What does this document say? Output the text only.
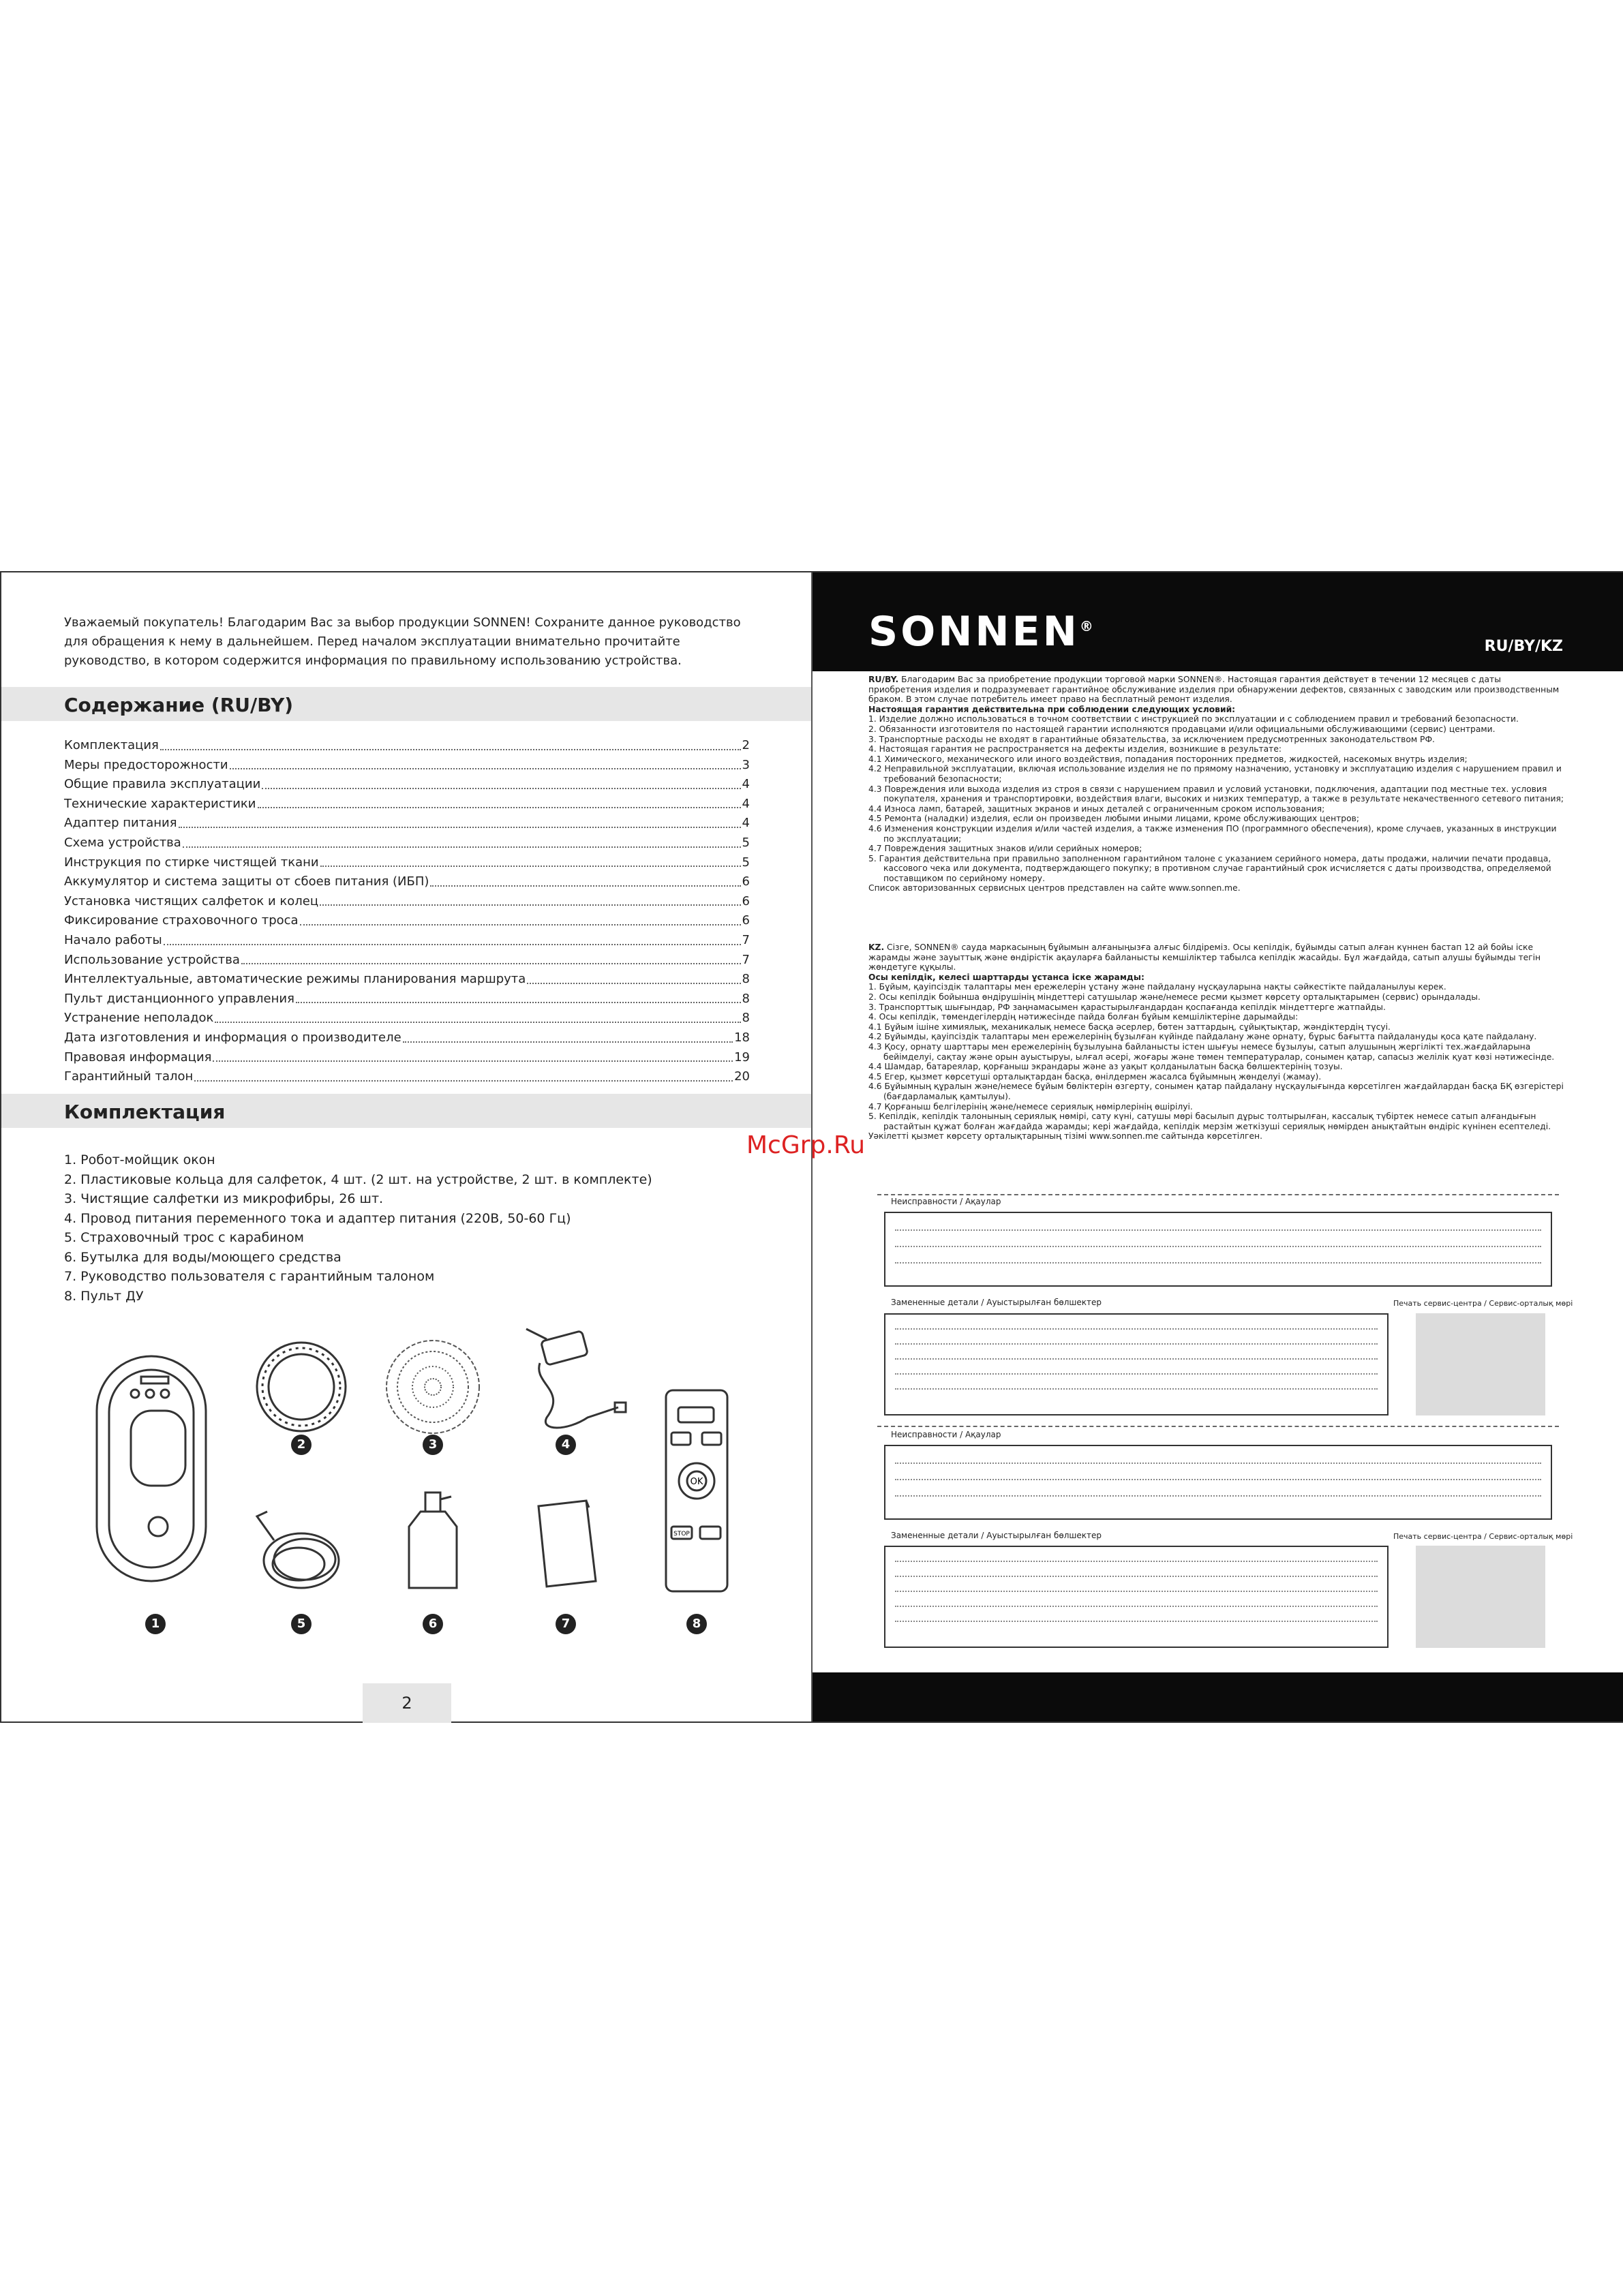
Уважаемый покупатель! Благодарим Вас за выбор продукции SONNEN! Сохраните данное руководство для обращения к нему в дальнейшем. Перед началом эксплуатации внимательно прочитайте руководство, в котором содержится информация по правильному использованию устройства.
Содержание (RU/BY)
Комплектация	2
Меры предосторожности	3
Общие правила эксплуатации	4
Технические характеристики	4
Адаптер питания	4
Схема устройства	5
Инструкция по стирке чистящей ткани	5
Аккумулятор и система защиты от сбоев питания (ИБП)	6
Установка чистящих салфеток и колец	6
Фиксирование страховочного троса	6
Начало работы	7
Использование устройства	7
Интеллектуальные, автоматические режимы планирования маршрута	8
Пульт дистанционного управления	8
Устранение неполадок	8
Дата изготовления и информация о производителе	18
Правовая информация	19
Гарантийный талон	20
Комплектация
1. Робот-мойщик окон
2. Пластиковые кольца для салфеток, 4 шт. (2 шт. на устройстве, 2 шт. в комплекте)
3. Чистящие салфетки из микрофибры, 26 шт.
4. Провод питания переменного тока и адаптер питания (220В, 50-60 Гц)
5. Страховочный трос с карабином
6. Бутылка для воды/моющего средства
7. Руководство пользователя с гарантийным талоном
8. Пульт ДУ
OK
STOP
1
2	3	4
5	6	7	8
2
SONNEN®
RU/BY/KZ

RU/BY. Благодарим Вас за приобретение продукции торговой марки SONNEN®. Настоящая гарантия действует в течении 12 месяцев с даты приобретения изделия и подразумевает гарантийное обслуживание изделия при обнаружении дефектов, связанных с заводским или производственным браком. В этом случае потребитель имеет право на бесплатный ремонт изделия.

Настоящая гарантия действительна при соблюдении следующих условий:

1. Изделие должно использоваться в точном соответствии с инструкцией по эксплуатации и с соблюдением правил и требований безопасности.

2. Обязанности изготовителя по настоящей гарантии исполняются продавцами и/или официальными обслуживающими (сервис) центрами.

3. Транспортные расходы не входят в гарантийные обязательства, за исключением предусмотренных законодательством РФ.

4. Настоящая гарантия не распространяется на дефекты изделия, возникшие в результате:

4.1 Химического, механического или иного воздействия, попадания посторонних предметов, жидкостей, насекомых внутрь изделия;

4.2 Неправильной эксплуатации, включая использование изделия не по прямому назначению, установку и эксплуатацию изделия с нарушением правил и требований безопасности;

4.3 Повреждения или выхода изделия из строя в связи с нарушением правил и условий установки, подключения, адаптации под местные тех. условия покупателя, хранения и транспортировки, воздействия влаги, высоких и низких температур, а также в результате некачественного сетевого питания;

4.4 Износа ламп, батарей, защитных экранов и иных деталей с ограниченным сроком использования;

4.5 Ремонта (наладки) изделия, если он произведен любыми иными лицами, кроме обслуживающих центров;

4.6 Изменения конструкции изделия и/или частей изделия, а также изменения ПО (программного обеспечения), кроме случаев, указанных в инструкции по эксплуатации;

4.7 Повреждения защитных знаков и/или серийных номеров;

5. Гарантия действительна при правильно заполненном гарантийном талоне с указанием серийного номера, даты продажи, наличии печати продавца, кассового чека или документа, подтверждающего покупку; в противном случае гарантийный срок исчисляется с даты производства, определяемой поставщиком по серийному номеру.

Список авторизованных сервисных центров представлен на сайте www.sonnen.me.

KZ. Сізге, SONNEN® сауда маркасының бұйымын алғаныңызға алғыс білдіреміз. Осы кепілдік, бұйымды сатып алған күннен бастап 12 ай бойы іске жарамды және зауыттық және өндірістік ақауларға байланысты кемшіліктер табылса кепілдік жасайды. Бұл жағдайда, сатып алушы бұйымды тегін жөндетуге құқылы.

Осы кепілдік, келесі шарттарды ұстанса іске жарамды:

1. Бұйым, қауіпсіздік талаптары мен ережелерін ұстану және пайдалану нұсқауларына нақты сәйкестікте пайдаланылуы керек.

2. Осы кепілдік бойынша өндірушінің міндеттері сатушылар және/немесе ресми қызмет көрсету орталықтарымен (сервис) орындалады.

3. Транспорттық шығындар, РФ заңнамасымен қарастырылғандардан қоспағанда кепілдік міндеттерге жатпайды.

4. Осы кепілдік, төмендегілердің нәтижесінде пайда болған бұйым кемшіліктеріне дарымайды:

4.1 Бұйым ішіне химиялық, механикалық немесе басқа әсерлер, бөтен заттардың, сұйықтықтар, жәндіктердің түсуі.

4.2 Бұйымды, қауіпсіздік талаптары мен ережелерінің бұзылған күйінде пайдалану және орнату, бұрыс бағытта пайдалануды қоса қате пайдалану.

4.3 Қосу, орнату шарттары мен ережелерінің бұзылуына байланысты істен шығуы немесе бұзылуы, сатып алушының жергілікті тех.жағдайларына бейімделуі, сақтау және орын ауыстыруы, ылғал әсері, жоғары және төмен температуралар, сонымен қатар, сапасыз желілік қуат көзі нәтижесінде.

4.4 Шамдар, батареялар, қорғаныш экрандары және аз уақыт қолданылатын басқа бөлшектерінің тозуы.

4.5 Егер, қызмет көрсетуші орталықтардан басқа, өнілдермен жасалса бұйымның жөнделуі (жамау).

4.6 Бұйымның құралын және/немесе бұйым бөліктерін өзгерту, сонымен қатар пайдалану нұсқаулығында көрсетілген жағдайлардан басқа БҚ өзгерістері (бағдарламалық қамтылуы).

4.7 Қорғаныш белгілерінің және/немесе сериялық нөмірлерінің өшірілуі.

5. Кепілдік, кепілдік талонының сериялық нөмірі, сату күні, сатушы мөрі басылып дұрыс толтырылған, кассалық түбіртек немесе сатып алғандығын растайтын құжат болған жағдайда жарамды; кері жағдайда, кепілдік мерзім жеткізуші сериялық нөмірден анықтайтын өндіріс күнінен есептеледі.

Уәкілетті қызмет көрсету орталықтарының тізімі www.sonnen.me сайтында көрсетілген.

Неисправности / Ақаулар
Замененные детали / Ауыстырылған бөлшектер	Печать сервис-центра / Сервис-орталық мөрі
Неисправности / Ақаулар
Замененные детали / Ауыстырылған бөлшектер	Печать сервис-центра / Сервис-орталық мөрі
McGrp.Ru
